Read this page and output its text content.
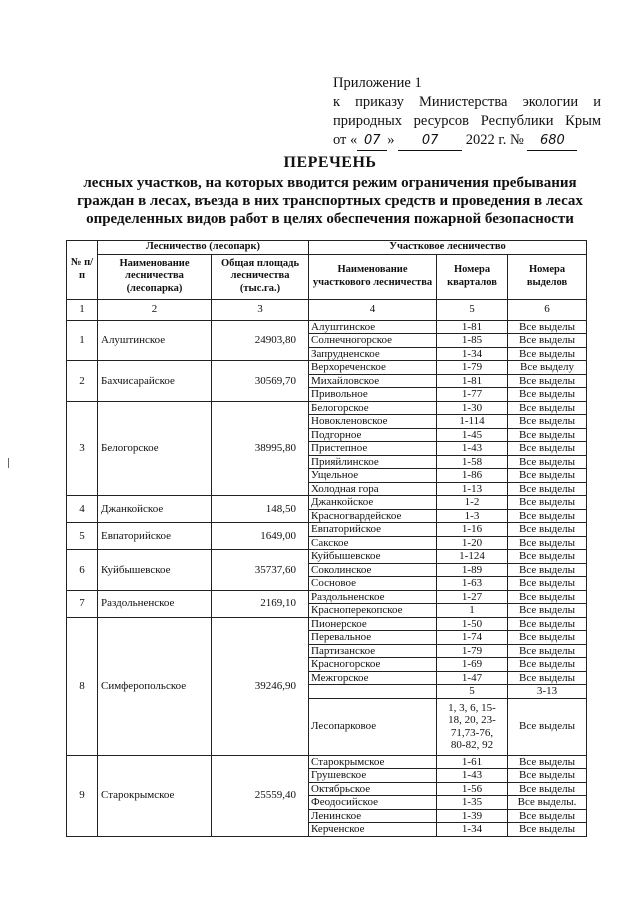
Приложение 1
к приказу Министерства экологии и
природных ресурсов Республики Крым
от « 07 » 07 2022 г. № 680
ПЕРЕЧЕНЬ
лесных участков, на которых вводится режим ограничения пребывания
граждан в лесах, въезда в них транспортных средств и проведения в лесах
определенных видов работ в целях обеспечения пожарной безопасности
№ п/п	Лесничество (лесопарк)		Участковое лесничество		
	Наименование лесничества (лесопарка)	Общая площадь лесничества (тыс.га.)	Наименование участкового лесничества	Номера кварталов	Номера выделов
1	2	3	4	5	6
1	Алуштинское	24903,80	Алуштинское	1-81	Все выделы
			Солнечногорское	1-85	Все выделы
			Запрудненское	1-34	Все выделы
2	Бахчисарайское	30569,70	Верхореченское	1-79	Все выделу
			Михайловское	1-81	Все выделы
			Привольное	1-77	Все выделы
3	Белогорское	38995,80	Белогорское	1-30	Все выделы
			Новокленовское	1-114	Все выделы
			Подгорное	1-45	Все выделы
			Пристепное	1-43	Все выделы
			Прияйлинское	1-58	Все выделы
			Ущельное	1-86	Все выделы
			Холодная гора	1-13	Все выделы
4	Джанкойское	148,50	Джанкойское	1-2	Все выделы
			Красногвардейское	1-3	Все выделы
5	Евпаторийское	1649,00	Евпаторийское	1-16	Все выделы
			Сакское	1-20	Все выделы
6	Куйбышевское	35737,60	Куйбышевское	1-124	Все выделы
			Соколинское	1-89	Все выделы
			Сосновое	1-63	Все выделы
7	Раздольненское	2169,10	Раздольненское	1-27	Все выделы
			Красноперекопское	1	Все выделы
8	Симферопольское	39246,90	Пионерское	1-50	Все выделы
			Перевальное	1-74	Все выделы
			Партизанское	1-79	Все выделы
			Красногорское	1-69	Все выделы
			Межгорское	1-47	Все выделы
				5	3-13
			Лесопарковое	1, 3, 6, 15-18, 20, 23-71,73-76, 80-82, 92	Все выделы
9	Старокрымское	25559,40	Старокрымское	1-61	Все выделы
			Грушевское	1-43	Все выделы
			Октябрьское	1-56	Все выделы
			Феодосийское	1-35	Все выделы.
			Ленинское	1-39	Все выделы
			Керченское	1-34	Все выделы
